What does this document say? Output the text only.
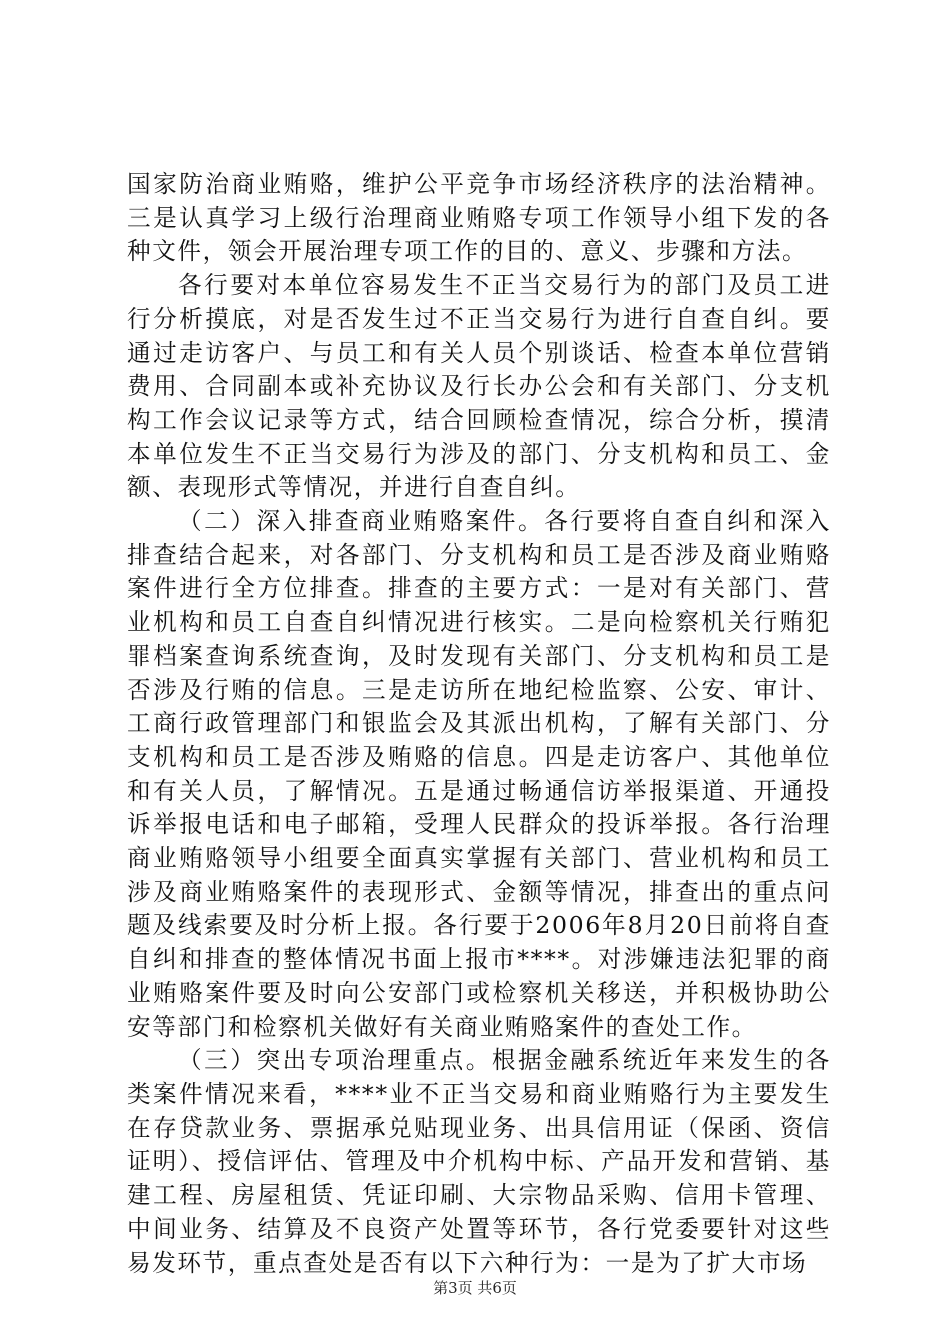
国家防治商业贿赂，维护公平竞争市场经济秩序的法治精神。三是认真学习上级行治理商业贿赂专项工作领导小组下发的各种文件，领会开展治理专项工作的目的、意义、步骤和方法。

各行要对本单位容易发生不正当交易行为的部门及员工进行分析摸底，对是否发生过不正当交易行为进行自查自纠。要通过走访客户、与员工和有关人员个别谈话、检查本单位营销费用、合同副本或补充协议及行长办公会和有关部门、分支机构工作会议记录等方式，结合回顾检查情况，综合分析，摸清本单位发生不正当交易行为涉及的部门、分支机构和员工、金额、表现形式等情况，并进行自查自纠。

（二）深入排查商业贿赂案件。各行要将自查自纠和深入排查结合起来，对各部门、分支机构和员工是否涉及商业贿赂案件进行全方位排查。排查的主要方式：一是对有关部门、营业机构和员工自查自纠情况进行核实。二是向检察机关行贿犯罪档案查询系统查询，及时发现有关部门、分支机构和员工是否涉及行贿的信息。三是走访所在地纪检监察、公安、审计、工商行政管理部门和银监会及其派出机构，了解有关部门、分支机构和员工是否涉及贿赂的信息。四是走访客户、其他单位和有关人员，了解情况。五是通过畅通信访举报渠道、开通投诉举报电话和电子邮箱，受理人民群众的投诉举报。各行治理商业贿赂领导小组要全面真实掌握有关部门、营业机构和员工涉及商业贿赂案件的表现形式、金额等情况，排查出的重点问题及线索要及时分析上报。各行要于2006年8月20日前将自查自纠和排查的整体情况书面上报市****。对涉嫌违法犯罪的商业贿赂案件要及时向公安部门或检察机关移送，并积极协助公安等部门和检察机关做好有关商业贿赂案件的查处工作。

（三）突出专项治理重点。根据金融系统近年来发生的各类案件情况来看，****业不正当交易和商业贿赂行为主要发生在存贷款业务、票据承兑贴现业务、出具信用证（保函、资信证明）、授信评估、管理及中介机构中标、产品开发和营销、基建工程、房屋租赁、凭证印刷、大宗物品采购、信用卡管理、中间业务、结算及不良资产处置等环节，各行党委要针对这些易发环节，重点查处是否有以下六种行为：一是为了扩大市场

第3页 共6页
